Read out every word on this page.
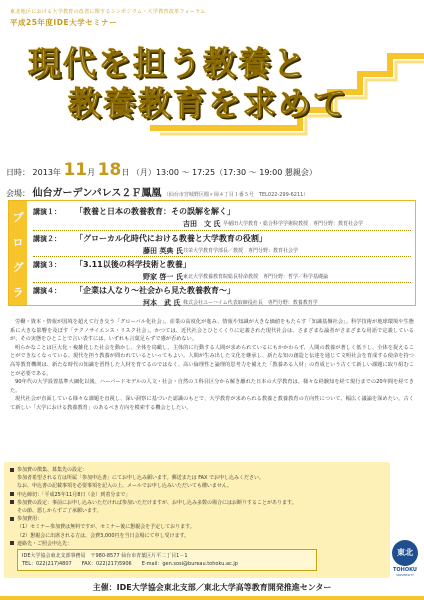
東北地区における大学教育の改善に関するシンポジウム・大学教育改革フォーラム
平成25年度IDE大学セミナー
現代を担う教養と
教養教育を求めて
日時： 2013年 11月 18日 （月）13:00 ～ 17:25（17:30 ～ 19:00 懇親会）
会場： 仙台ガーデンパレス２Ｆ鳳凰 （仙台市宮城野区榴ヶ岡４丁目１番５号　TEL022-299-6211）
プ
ロ
グ
ラ
ム
講演１： 「教養と日本の教養教育：その誤解を解く」
吉田　文 氏 早稲田大学教育・総合科学学術院教授　専門分野：教育社会学
講演２： 「グローカル化時代における教養と大学教育の役割」
藤田 英典 氏 共栄大学教育学部長／教授　専門分野：教育社会学
講演３： 「3.11以後の科学技術と教養」
野家 啓一 氏 東北大学教養教育院総長特命教授　専門分野：哲学／科学基礎論
講演４： 「企業は人なり～社会から見た教養教育～」
河本　武 氏 株式会社ユーハイム代表取締役社長　専門分野：教養教育学

労働・資本・情報が国境を超えて行き交う「グローバル化社会」。産業の高度化が進み、情報や知識が大きな価値をもたらす「知識基盤社会」。科学技術が地球環境や生態系に大きな影響を及ぼす「テクノサイエンス・リスク社会」。かつては、近代社会とひとくくりに定義された現代社会は、さまざまな論者がさまざまな用語で定義しているが、その実態をひとことで言い表すには、いずれも言葉足らずで感が否めない。

明らかなことは巨大化・複雑化した社会を動かし、全体を鳥瞰し、主体的に行動する人間が求められているにもかかわらず、人間の教養が著しく低下し、全体を捉えることができなくなっている。現代を担う教養が問われているといってもよい。人間が生み出した文化を継承し、新たな知の創造と伝達を通じて文明社会を育成する使命を持つ高等教育機関は、新たな時代の知識を習得した人材を育てるのではなく、高い倫理性と論理的思考力を備えた「教養ある人材」の育成という古くて新しい課題に取り組むことが必要である。

90年代の大学設置基準大綱化以後、ハーバードモデルの人文・社会・自然の３科目区分から解き離れた日本の大学教育は、様々な経験知を経て現行までの20年間を経てきた。

現代社会が直面している様々な課題を直視し、深い洞察に基づいた認識のもとで、大学教育が求められる教養と教養教育の方向性について、幅広く議論を深めたい。古くて新しい「大学における教養教育」のあるべき方向を模索する機会としたい。

参加費の徴集、募集先の設定：
参加者希望される方は所属「参加申込書」にてお申し込み願います。郵送または FAX でお申し込みください。
なお、申込書の記載事項を必要事項を記入の上、メールでお申し込みいただいても構いません。
申込締切：「平成25年11月8日（金）到着分まで」
参加費の設定：事前にお申し込みいただければ参加いただけますが、お申し込み多数の場合にはお断りすることがあります。
その節、悪しからずご了承願います。
参加費用：
（1）セミナー参加費は無料ですが、セミナー後に懇親会を予定しております。
（2）懇親会に出席される方は、会費3,000円を当日会場にて申し受けます。
連絡先・ご照会申込先：
IDE大学協会東北支部事務局　〒980-8577 仙台市青葉区片平二丁目1－1
TEL：022(217)4807　　FAX：022(217)5906　　E-mail：gen.sosi@bureau.tohoku.ac.jp
東北
TOHOKU
UNIVERSITY
主催：IDE大学協会東北支部／東北大学高等教育開発推進センター
